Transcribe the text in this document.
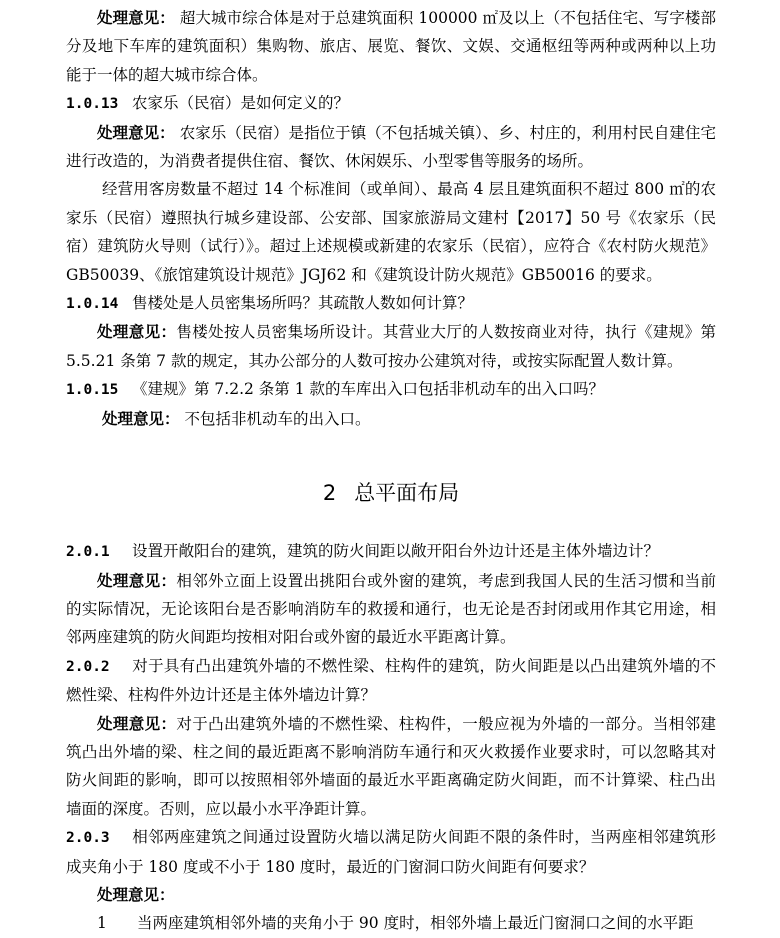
处理意见： 超大城市综合体是对于总建筑面积 100000 ㎡及以上（不包括住宅、写字楼部分及地下车库的建筑面积）集购物、旅店、展览、餐饮、文娱、交通枢纽等两种或两种以上功能于一体的超大城市综合体。

1.0.13 农家乐（民宿）是如何定义的？

处理意见： 农家乐（民宿）是指位于镇（不包括城关镇）、乡、村庄的，利用村民自建住宅进行改造的，为消费者提供住宿、餐饮、休闲娱乐、小型零售等服务的场所。

经营用客房数量不超过 14 个标准间（或单间）、最高 4 层且建筑面积不超过 800 ㎡的农家乐（民宿）遵照执行城乡建设部、公安部、国家旅游局文建村【2017】50 号《农家乐（民宿）建筑防火导则（试行）》。超过上述规模或新建的农家乐（民宿），应符合《农村防火规范》GB50039、《旅馆建筑设计规范》JGJ62 和《建筑设计防火规范》GB50016 的要求。

1.0.14 售楼处是人员密集场所吗？其疏散人数如何计算？

处理意见：售楼处按人员密集场所设计。其营业大厅的人数按商业对待，执行《建规》第 5.5.21 条第 7 款的规定，其办公部分的人数可按办公建筑对待，或按实际配置人数计算。

1.0.15 《建规》第 7.2.2 条第 1 款的车库出入口包括非机动车的出入口吗？

处理意见： 不包括非机动车的出入口。

2 总平面布局

2.0.1 设置开敞阳台的建筑，建筑的防火间距以敞开阳台外边计还是主体外墙边计？

处理意见：相邻外立面上设置出挑阳台或外窗的建筑，考虑到我国人民的生活习惯和当前的实际情况，无论该阳台是否影响消防车的救援和通行，也无论是否封闭或用作其它用途，相邻两座建筑的防火间距均按相对阳台或外窗的最近水平距离计算。

2.0.2 对于具有凸出建筑外墙的不燃性梁、柱构件的建筑，防火间距是以凸出建筑外墙的不燃性梁、柱构件外边计还是主体外墙边计算？

处理意见：对于凸出建筑外墙的不燃性梁、柱构件，一般应视为外墙的一部分。当相邻建筑凸出外墙的梁、柱之间的最近距离不影响消防车通行和灭火救援作业要求时，可以忽略其对防火间距的影响，即可以按照相邻外墙面的最近水平距离确定防火间距，而不计算梁、柱凸出墙面的深度。否则，应以最小水平净距计算。

2.0.3 相邻两座建筑之间通过设置防火墙以满足防火间距不限的条件时，当两座相邻建筑形成夹角小于 180 度或不小于 180 度时，最近的门窗洞口防火间距有何要求？

处理意见：

1 当两座建筑相邻外墙的夹角小于 90 度时，相邻外墙上最近门窗洞口之间的水平距
